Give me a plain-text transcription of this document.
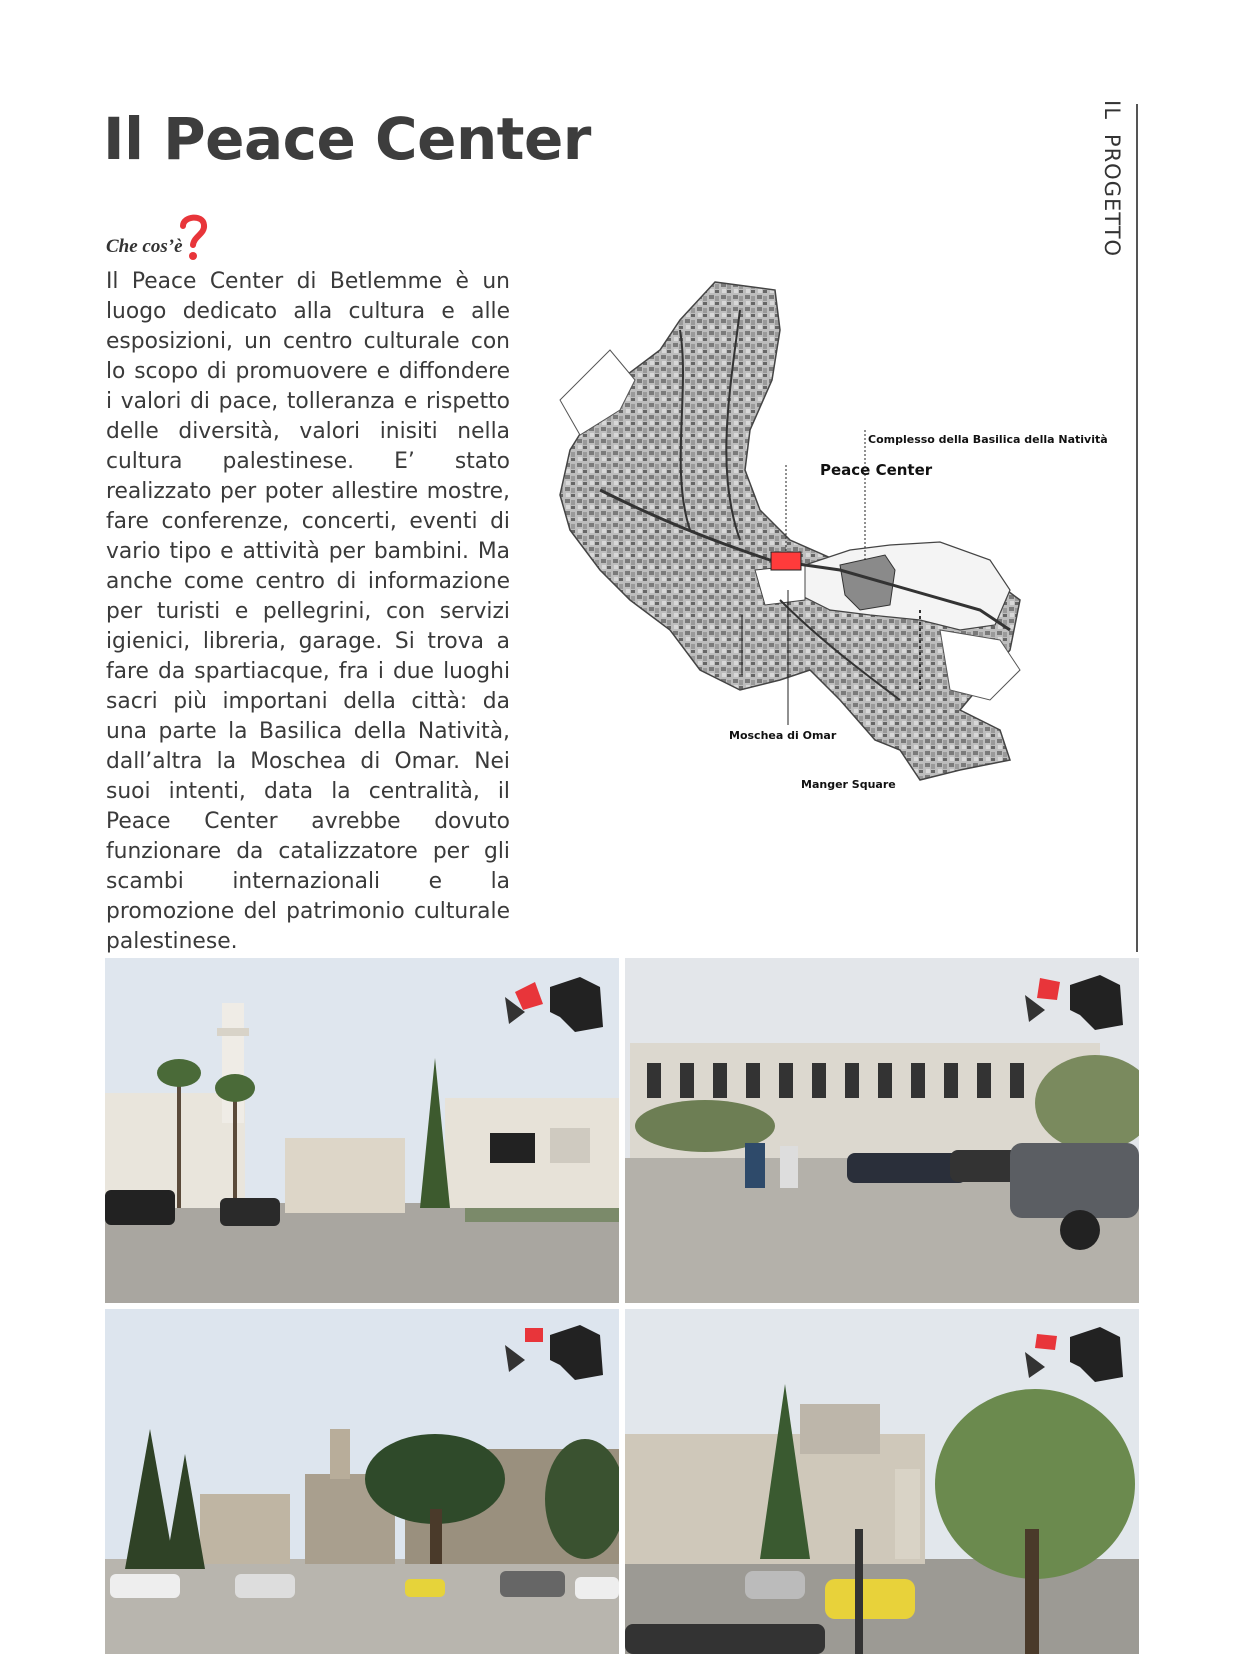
Il Peace Center	ILPROGETTO
Che cos’è

Il Peace Center di Betlemme è un luogo dedicato alla cultura e alle esposizioni, un centro culturale con lo scopo di promuovere e diffondere i valori di pace, tolleranza e rispetto delle diversità, valori inisiti nella cultura palestinese. E’ stato realizzato per poter allestire mostre, fare conferenze, concerti, eventi di vario tipo e attività per bambini. Ma anche come centro di informazione per turisti e pellegrini, con servizi igienici, libreria, garage. Si trova a fare da spartiacque, fra i due luoghi sacri più importani della città: da una parte la Basilica della Natività, dall’altra la Moschea di Omar. Nei suoi intenti, data la centralità, il Peace Center avrebbe dovuto funzionare da catalizzatore per gli scambi internazionali e la promozione del patrimonio culturale palestinese.

Complesso della Basilica della Natività
Peace Center
Moschea di Omar
Manger Square
